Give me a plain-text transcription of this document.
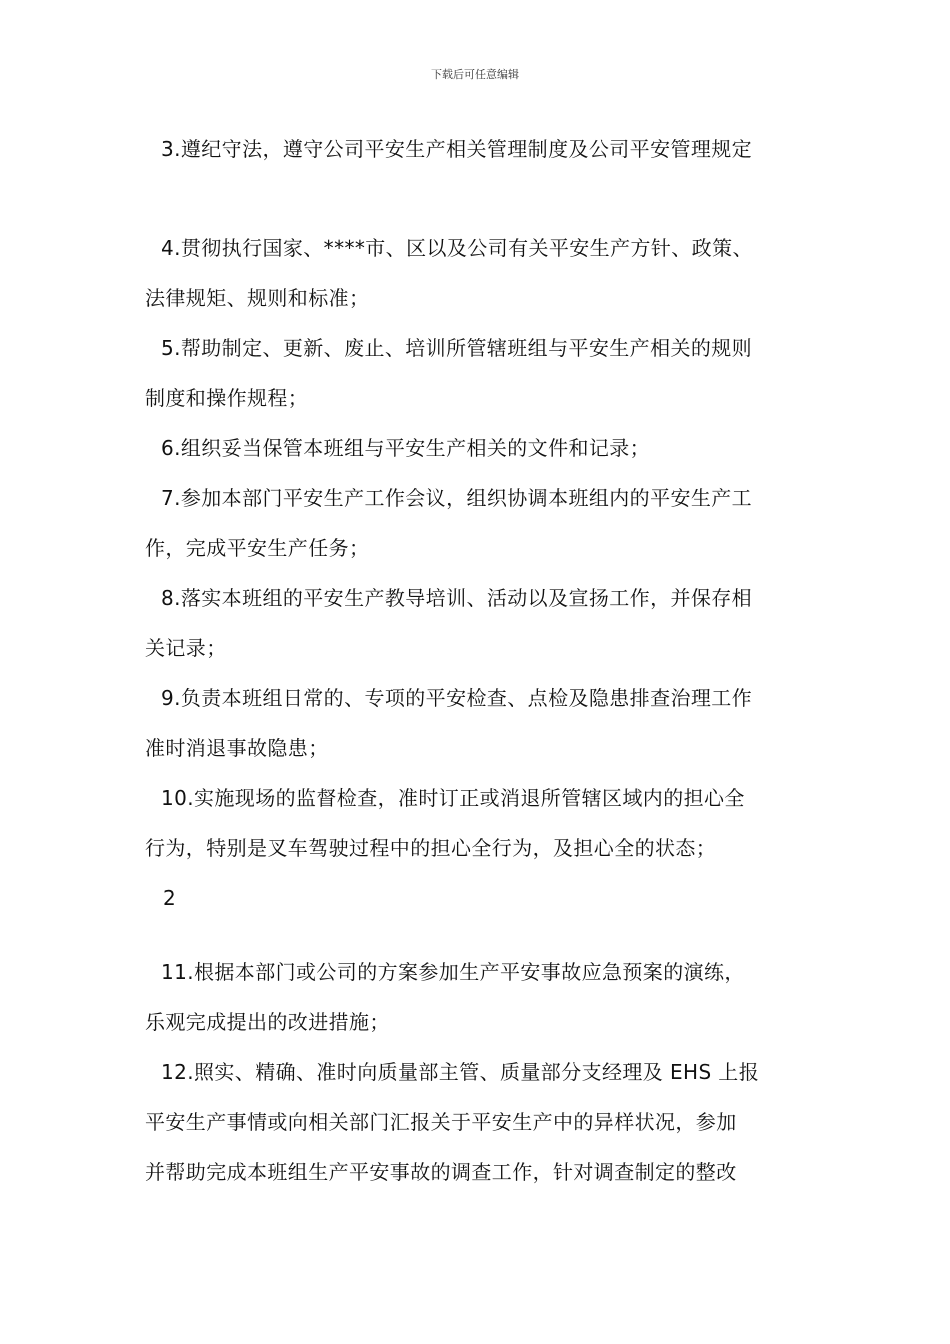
下载后可任意编辑
3.遵纪守法，遵守公司平安生产相关管理制度及公司平安管理规定
4.贯彻执行国家、****市、区以及公司有关平安生产方针、政策、
法律规矩、规则和标准；
5.帮助制定、更新、废止、培训所管辖班组与平安生产相关的规则
制度和操作规程；
6.组织妥当保管本班组与平安生产相关的文件和记录；
7.参加本部门平安生产工作会议，组织协调本班组内的平安生产工
作，完成平安生产任务；
8.落实本班组的平安生产教导培训、活动以及宣扬工作，并保存相
关记录；
9.负责本班组日常的、专项的平安检查、点检及隐患排查治理工作
准时消退事故隐患；
10.实施现场的监督检查，准时订正或消退所管辖区域内的担心全
行为，特别是叉车驾驶过程中的担心全行为，及担心全的状态；
2
11.根据本部门或公司的方案参加生产平安事故应急预案的演练，
乐观完成提出的改进措施；
12.照实、精确、准时向质量部主管、质量部分支经理及 EHS 上报
平安生产事情或向相关部门汇报关于平安生产中的异样状况，参加
并帮助完成本班组生产平安事故的调查工作，针对调查制定的整改
